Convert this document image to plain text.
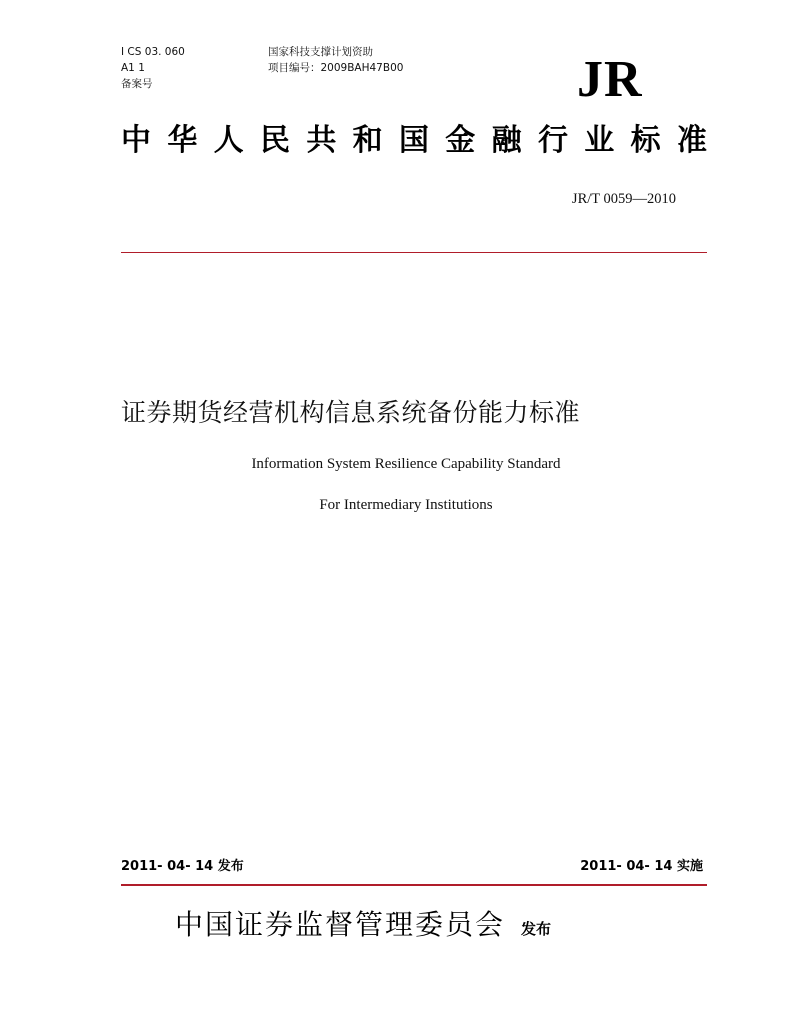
I CS 03. 060
A1 1
备案号
国家科技支撑计划资助
项目编号：2009BAH47B00	JR
中 华 人 民 共 和 国 金 融 行 业 标 准
JR/T 0059—2010
证券期货经营机构信息系统备份能力标准
Information System Resilience Capability Standard
For Intermediary Institutions
2011- 04- 14 发布	2011- 04- 14 实施
中国证券监督管理委员会 发布
